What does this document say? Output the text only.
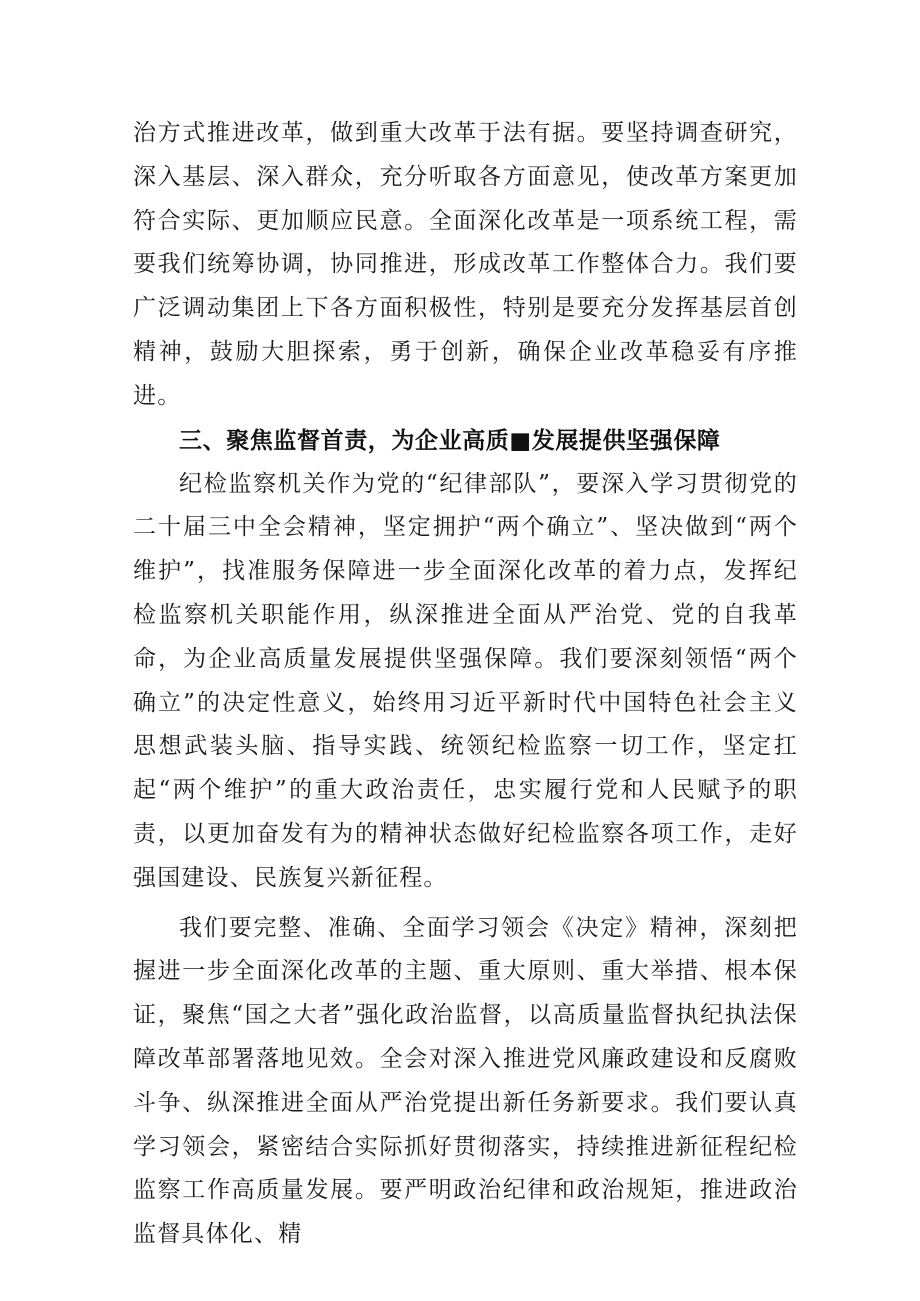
治方式推进改革，做到重大改革于法有据。要坚持调查研究，深入基层、深入群众，充分听取各方面意见，使改革方案更加符合实际、更加顺应民意。全面深化改革是一项系统工程，需要我们统筹协调，协同推进，形成改革工作整体合力。我们要广泛调动集团上下各方面积极性，特别是要充分发挥基层首创精神，鼓励大胆探索，勇于创新，确保企业改革稳妥有序推进。

三、聚焦监督首责，为企业高质■发展提供坚强保障

纪检监察机关作为党的“纪律部队”，要深入学习贯彻党的二十届三中全会精神，坚定拥护“两个确立”、坚决做到“两个维护”，找准服务保障进一步全面深化改革的着力点，发挥纪检监察机关职能作用，纵深推进全面从严治党、党的自我革命，为企业高质量发展提供坚强保障。我们要深刻领悟“两个确立”的决定性意义，始终用习近平新时代中国特色社会主义思想武装头脑、指导实践、统领纪检监察一切工作，坚定扛起“两个维护”的重大政治责任，忠实履行党和人民赋予的职责，以更加奋发有为的精神状态做好纪检监察各项工作，走好强国建设、民族复兴新征程。

我们要完整、准确、全面学习领会《决定》精神，深刻把握进一步全面深化改革的主题、重大原则、重大举措、根本保证，聚焦“国之大者”强化政治监督，以高质量监督执纪执法保障改革部署落地见效。全会对深入推进党风廉政建设和反腐败斗争、纵深推进全面从严治党提出新任务新要求。我们要认真学习领会，紧密结合实际抓好贯彻落实，持续推进新征程纪检监察工作高质量发展。要严明政治纪律和政治规矩，推进政治监督具体化、精
